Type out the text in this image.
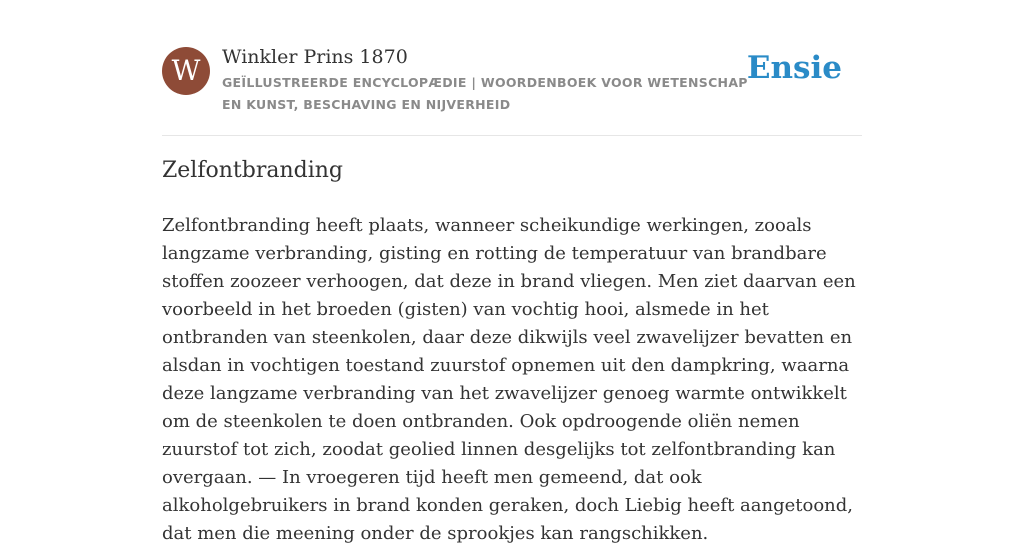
W	Winkler Prins 1870
GEÏLLUSTREERDE ENCYCLOPÆDIE | WOORDENBOEK VOOR WETENSCHAP EN KUNST, BESCHAVING EN NIJVERHEID
Ensie
Zelfontbranding

Zelfontbranding heeft plaats, wanneer scheikundige werkingen, zooals langzame verbranding, gisting en rotting de temperatuur van brandbare stoffen zoozeer verhoogen, dat deze in brand vliegen. Men ziet daarvan een voorbeeld in het broeden (gisten) van vochtig hooi, alsmede in het ontbranden van steenkolen, daar deze dikwijls veel zwavelijzer bevatten en alsdan in vochtigen toestand zuurstof opnemen uit den dampkring, waarna deze langzame verbranding van het zwavelijzer genoeg warmte ontwikkelt om de steenkolen te doen ontbranden. Ook opdroogende oliën nemen zuurstof tot zich, zoodat geolied linnen desgelijks tot zelfontbranding kan overgaan. — In vroegeren tijd heeft men gemeend, dat ook alkoholgebruikers in brand konden geraken, doch Liebig heeft aangetoond, dat men die meening onder de sprookjes kan rangschikken.
